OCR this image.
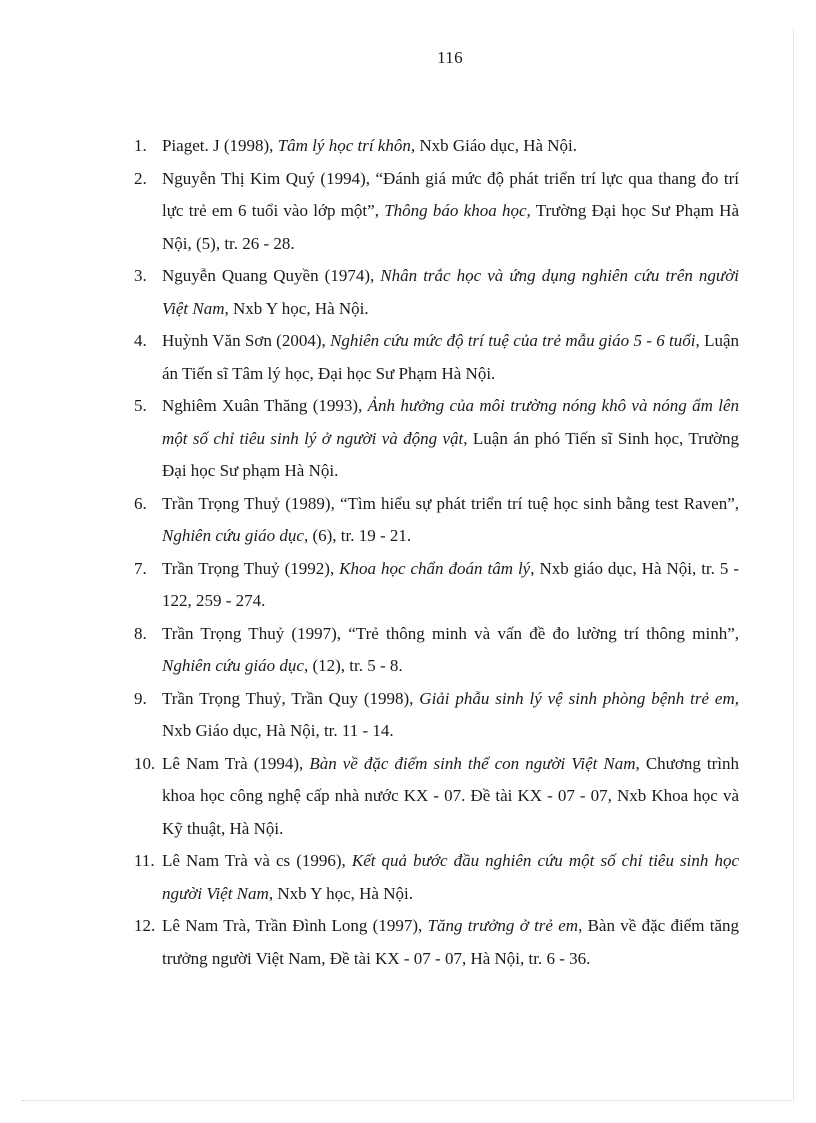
116
1. Piaget. J (1998), Tâm lý học trí khôn, Nxb Giáo dục, Hà Nội.
2. Nguyễn Thị Kim Quý (1994), “Đánh giá mức độ phát triển trí lực qua thang đo trí lực trẻ em 6 tuổi vào lớp một”, Thông báo khoa học, Trường Đại học Sư Phạm Hà Nội, (5), tr. 26 - 28.
3. Nguyễn Quang Quyền (1974), Nhân trắc học và ứng dụng nghiên cứu trên người Việt Nam, Nxb Y học, Hà Nội.
4. Huỳnh Văn Sơn (2004), Nghiên cứu mức độ trí tuệ của trẻ mẫu giáo 5 - 6 tuổi, Luận án Tiến sĩ Tâm lý học, Đại học Sư Phạm Hà Nội.
5. Nghiêm Xuân Thăng (1993), Ảnh hưởng của môi trường nóng khô và nóng ẩm lên một số chỉ tiêu sinh lý ở người và động vật, Luận án phó Tiến sĩ Sinh học, Trường Đại học Sư phạm Hà Nội.
6. Trần Trọng Thuỷ (1989), “Tìm hiểu sự phát triển trí tuệ học sinh bằng test Raven”, Nghiên cứu giáo dục, (6), tr. 19 - 21.
7. Trần Trọng Thuỷ (1992), Khoa học chẩn đoán tâm lý, Nxb giáo dục, Hà Nội, tr. 5 - 122, 259 - 274.
8. Trần Trọng Thuỷ (1997), “Trẻ thông minh và vấn đề đo lường trí thông minh”, Nghiên cứu giáo dục, (12), tr. 5 - 8.
9. Trần Trọng Thuỷ, Trần Quy (1998), Giải phẫu sinh lý vệ sinh phòng bệnh trẻ em, Nxb Giáo dục, Hà Nội, tr. 11 - 14.
10. Lê Nam Trà (1994), Bàn về đặc điểm sinh thể con người Việt Nam, Chương trình khoa học công nghệ cấp nhà nước KX - 07. Đề tài KX - 07 - 07, Nxb Khoa học và Kỹ thuật, Hà Nội.
11. Lê Nam Trà và cs (1996), Kết quả bước đầu nghiên cứu một số chỉ tiêu sinh học người Việt Nam, Nxb Y học, Hà Nội.
12. Lê Nam Trà, Trần Đình Long (1997), Tăng trưởng ở trẻ em, Bàn về đặc điểm tăng trưởng người Việt Nam, Đề tài KX - 07 - 07, Hà Nội, tr. 6 - 36.
